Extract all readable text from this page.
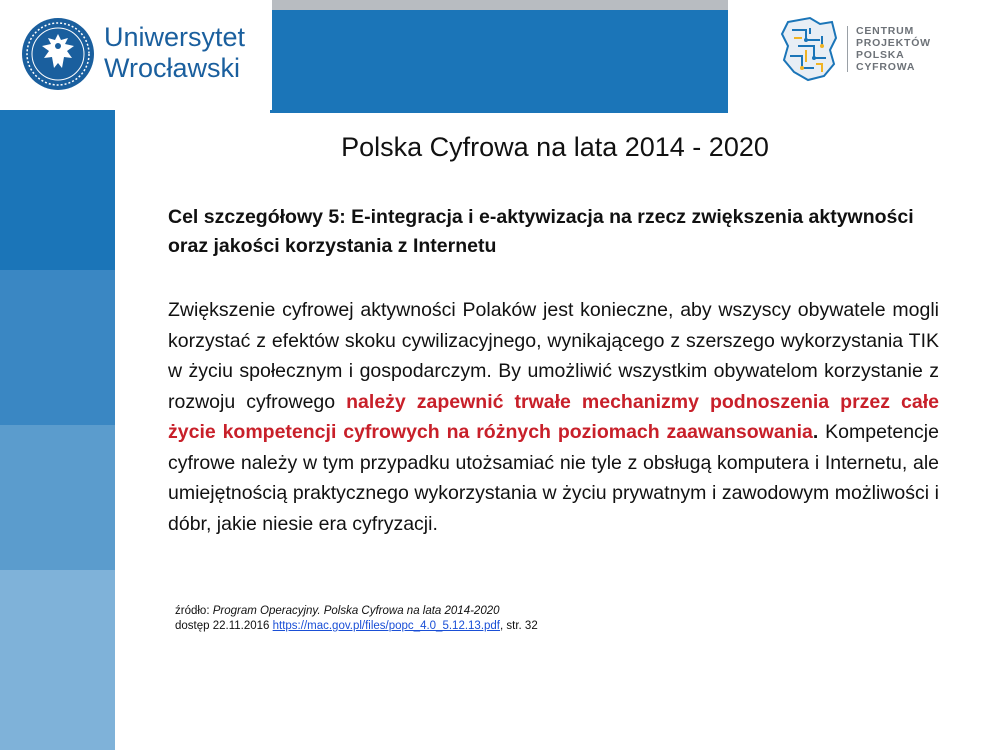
Uniwersytet
Wrocławski
CENTRUM
PROJEKTÓW
POLSKA
CYFROWA
Polska Cyfrowa na lata 2014 - 2020
Cel szczegółowy 5: E-integracja i e-aktywizacja na rzecz zwiększenia aktywności oraz jakości korzystania z Internetu
Zwiększenie cyfrowej aktywności Polaków jest konieczne, aby wszyscy obywatele mogli korzystać z efektów skoku cywilizacyjnego, wynikającego z szerszego wykorzystania TIK w życiu społecznym i gospodarczym. By umożliwić wszystkim obywatelom korzystanie z rozwoju cyfrowego należy zapewnić trwałe mechanizmy podnoszenia przez całe życie kompetencji cyfrowych na różnych poziomach zaawansowania. Kompetencje cyfrowe należy w tym przypadku utożsamiać nie tyle z obsługą komputera i Internetu, ale umiejętnością praktycznego wykorzystania w życiu prywatnym i zawodowym możliwości i dóbr, jakie niesie era cyfryzacji.
źródło: Program Operacyjny. Polska Cyfrowa na lata 2014-2020
dostęp 22.11.2016 https://mac.gov.pl/files/popc_4.0_5.12.13.pdf, str. 32
